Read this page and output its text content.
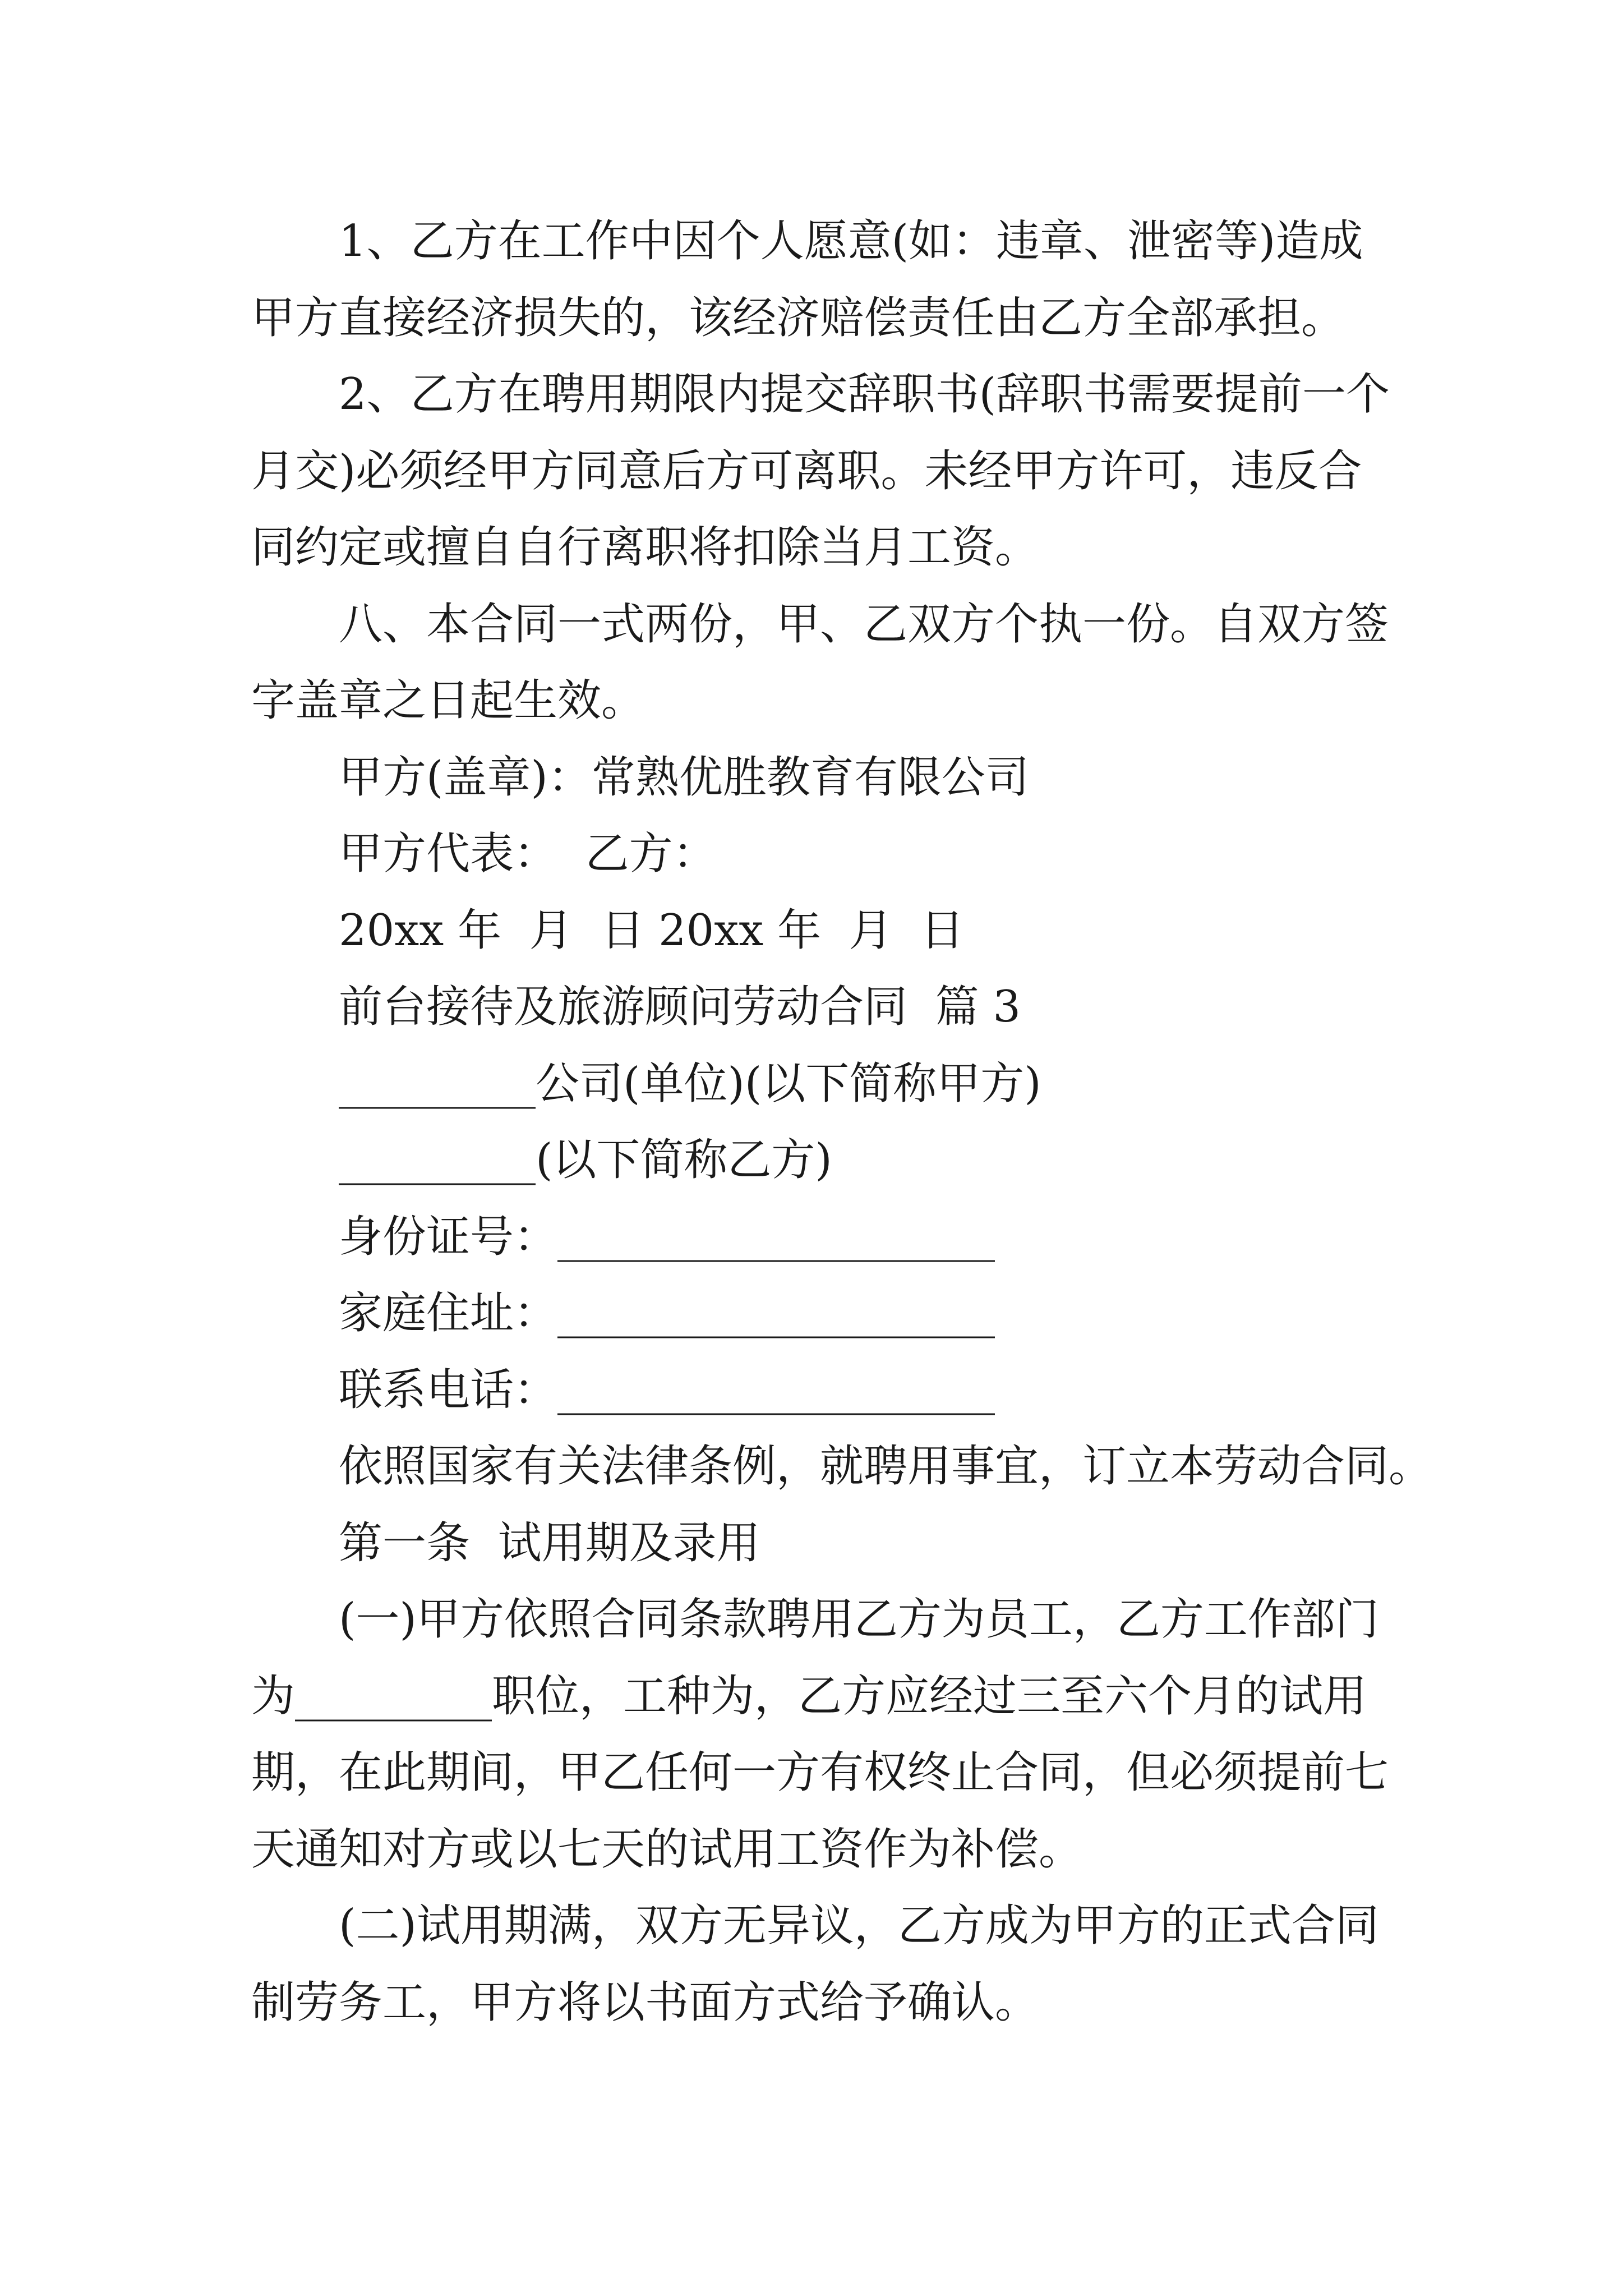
1、乙方在工作中因个人愿意(如：违章、泄密等)造成
甲方直接经济损失的，该经济赔偿责任由乙方全部承担。
2、乙方在聘用期限内提交辞职书(辞职书需要提前一个
月交)必须经甲方同意后方可离职。未经甲方许可，违反合
同约定或擅自自行离职将扣除当月工资。
八、本合同一式两份，甲、乙双方个执一份。自双方签
字盖章之日起生效。
甲方(盖章)：常熟优胜教育有限公司
甲方代表：  乙方：
20xx 年  月  日 20xx 年  月  日
前台接待及旅游顾问劳动合同  篇 3
_________公司(单位)(以下简称甲方)
_________(以下简称乙方)
身份证号：____________________
家庭住址：____________________
联系电话：____________________
依照国家有关法律条例，就聘用事宜，订立本劳动合同。
第一条  试用期及录用
(一)甲方依照合同条款聘用乙方为员工，乙方工作部门
为_________职位，工种为，乙方应经过三至六个月的试用
期，在此期间，甲乙任何一方有权终止合同，但必须提前七
天通知对方或以七天的试用工资作为补偿。
(二)试用期满，双方无异议，乙方成为甲方的正式合同
制劳务工，甲方将以书面方式给予确认。
